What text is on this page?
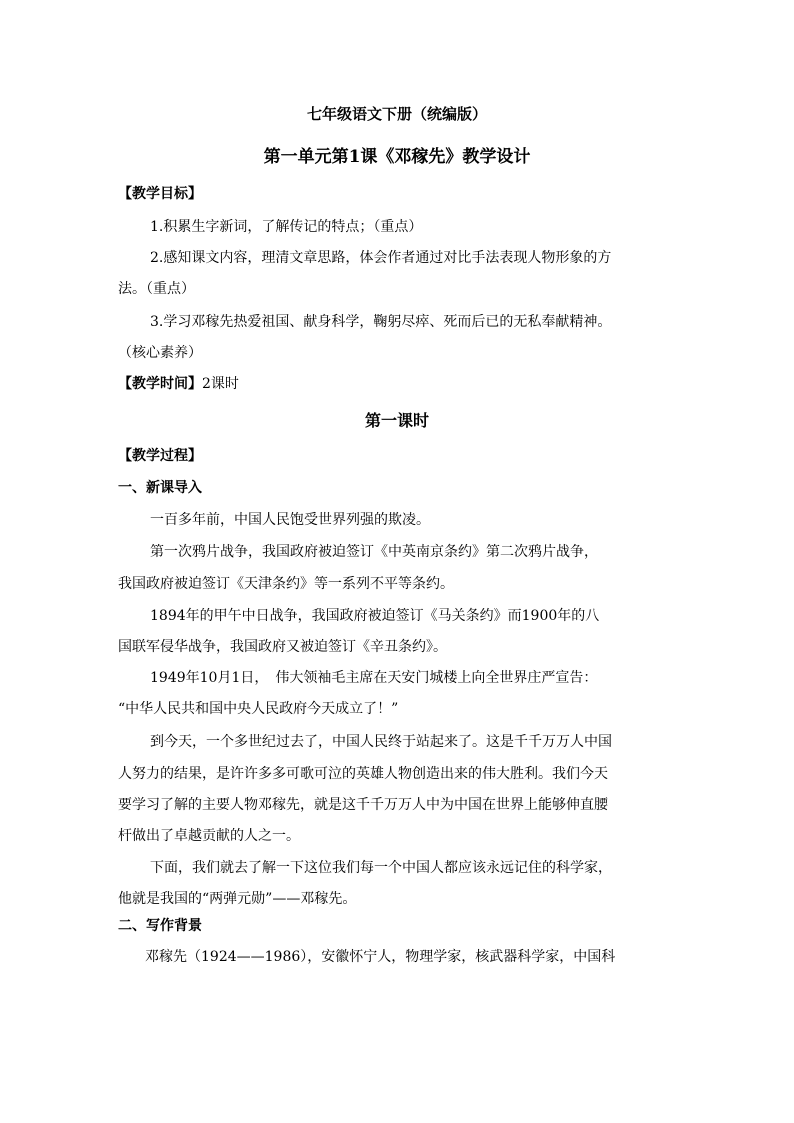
七年级语文下册（统编版）
第一单元第1课《邓稼先》教学设计
【教学目标】
1.积累生字新词，了解传记的特点；（重点）
2.感知课文内容，理清文章思路，体会作者通过对比手法表现人物形象的方
法。（重点）
3.学习邓稼先热爱祖国、献身科学，鞠躬尽瘁、死而后已的无私奉献精神。
（核心素养）
【教学时间】2课时
第一课时
【教学过程】
一、新课导入
一百多年前，中国人民饱受世界列强的欺凌。
第一次鸦片战争，我国政府被迫签订《中英南京条约》第二次鸦片战争，
我国政府被迫签订《天津条约》等一系列不平等条约。
1894年的甲午中日战争，我国政府被迫签订《马关条约》而1900年的八
国联军侵华战争，我国政府又被迫签订《辛丑条约》。
1949年10月1日，　伟大领袖毛主席在天安门城楼上向全世界庄严宣告：
“中华人民共和国中央人民政府今天成立了！”
到今天，一个多世纪过去了，中国人民终于站起来了。这是千千万万人中国
人努力的结果，是许许多多可歌可泣的英雄人物创造出来的伟大胜利。我们今天
要学习了解的主要人物邓稼先，就是这千千万万人中为中国在世界上能够伸直腰
杆做出了卓越贡献的人之一。
下面，我们就去了解一下这位我们每一个中国人都应该永远记住的科学家，
他就是我国的“两弹元勋”——邓稼先。
二、写作背景
邓稼先（1924——1986），安徽怀宁人，物理学家，核武器科学家，中国科
